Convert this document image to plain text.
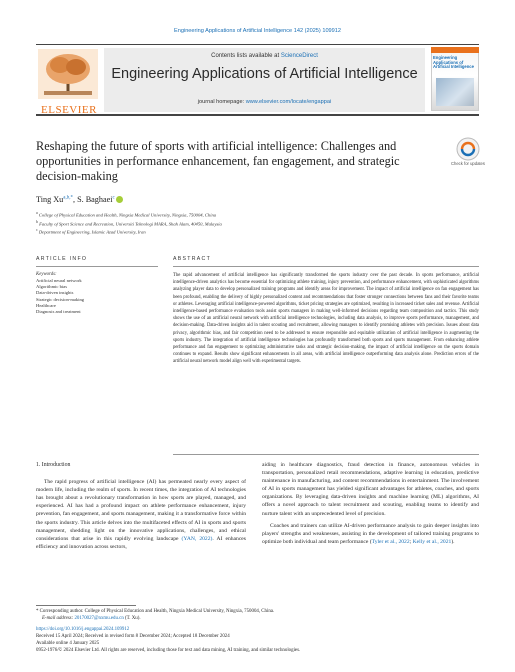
Engineering Applications of Artificial Intelligence 142 (2025) 109912
ELSEVIER
Contents lists available at ScienceDirect
Engineering Applications of Artificial Intelligence
journal homepage: www.elsevier.com/locate/engappai
Engineering Applications of Artificial Intelligence
Reshaping the future of sports with artificial intelligence: Challenges and opportunities in performance enhancement, fan engagement, and strategic decision-making
Check for updates
Ting $Xu^{a,b,*}$, S. Baghaei$^c$
$^a$ College of Physical Education and Health, Ningxia Medical University, Ningxia, 750004, China
$^b$ Faculty of Sport Science and Recreation, Universiti Teknologi MARA, Shah Alam, 40450, Malaysia
$^c$ Department of Engineering, Islamic Azad University, Iran
ARTICLE INFO	ABSTRACT
Keywords:
Artificial neural network
Algorithmic bias
Data-driven insights
Strategic decision-making
Healthcare
Diagnosis and treatment
The rapid advancement of artificial intelligence has significantly transformed the sports industry over the past decade. In sports performance, artificial intelligence-driven analytics has become essential for optimizing athlete training, injury prevention, and performance enhancement, with sophisticated algorithms analyzing player data to develop personalized training programs and identify areas for improvement. The impact of artificial intelligence on fan engagement has been profound, enabling the delivery of highly personalized content and recommendations that foster stronger connections between fans and their favorite teams or athletes. Leveraging artificial intelligence-powered algorithms, ticket pricing strategies are optimized, resulting in increased ticket sales and revenue. Artificial intelligence-based performance evaluation tools assist sports managers in making well-informed decisions regarding team composition and tactics. This study shows the use of an artificial neural network with artificial intelligence technologies, including data analysis, to improve sports performance, management, and decision-making. Data-driven insights aid in talent scouting and recruitment, allowing managers to identify promising athletes with precision. Issues about data privacy, algorithmic bias, and fair competition need to be addressed to ensure responsible and equitable utilization of artificial intelligence in augmenting the sports industry. The integration of artificial intelligence technologies has profoundly transformed both sports and sports management. From enhancing athlete performance and fan engagement to optimizing administrative tasks and strategic decision-making, the impact of artificial intelligence on the sports domain continues to expand. Results show significant enhancements in all areas, with artificial intelligence outperforming data analysis alone. Prediction errors of the artificial neural network model align well with experimental targets.
1. Introduction
The rapid progress of artificial intelligence (AI) has permeated nearly every aspect of modern life, including the realm of sports. In recent times, the integration of AI technologies has brought about a revolutionary transformation in how sports are played, managed, and experienced. AI has had a profound impact on athlete performance enhancement, injury prevention, fan engagement, and sports management, making it a transformative force within the sports industry. This article delves into the multifaceted effects of AI in sports and sports management, shedding light on the innovative applications, challenges, and ethical considerations that arise in this rapidly evolving landscape (YAN, 2022). AI enhances efficiency and innovation across sectors,
aiding in healthcare diagnostics, fraud detection in finance, autonomous vehicles in transportation, personalized retail recommendations, adaptive learning in education, predictive maintenance in manufacturing, and content recommendations in entertainment. The involvement of AI in sports management has yielded significant advantages for athletes, coaches, and sports organizations. By leveraging data-driven insights and machine learning (ML) algorithms, AI offers a novel approach to talent recruitment and scouting, enabling teams to identify and nurture talent with an unprecedented level of precision.
Coaches and trainers can utilize AI-driven performance analysis to gain deeper insights into players' strengths and weaknesses, assisting in the development of tailored training programs to optimize both individual and team performance (Tyler et al., 2022; Kelly et al., 2021).
* Corresponding author. College of Physical Education and Health, Ningxia Medical University, Ningxia, 750004, China.
E-mail address: 20170027@nxmu.edu.cn (T. Xu).
https://doi.org/10.1016/j.engappai.2024.109912
Received 15 April 2024; Received in revised form 8 December 2024; Accepted 18 December 2024
Available online 4 January 2025
0952-1976/© 2024 Elsevier Ltd. All rights are reserved, including those for text and data mining, AI training, and similar technologies.
